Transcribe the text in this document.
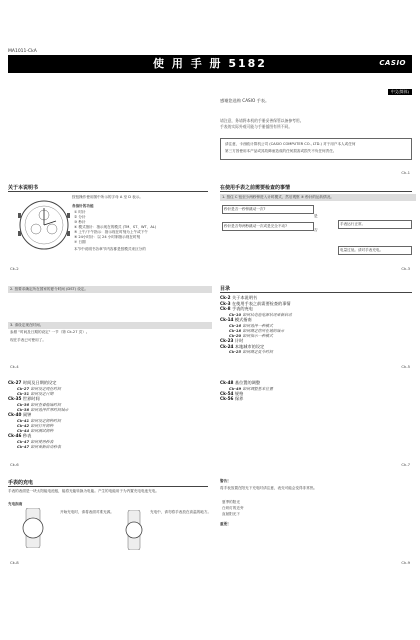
MA1011-CkA
使 用 手 册 5182	CASIO
中文(简体)
感谢您选购 CASIO 手表。
请注意，务请将本机的手册妥善保管以备参考用。
手表的实际外观可能与手册插图有所不同。
请注意，卡西欧计算机公司 (CASIO COMPUTER CO., LTD.) 对于用户本人或任何
第三方因使用本产品或其故障而造成的任何损害或损失不负任何责任。
Ck-1
关于本说明书
按钮操作使用图中所示的字母 A 至 D 表示。
各指针的功能
① 时针
② 分针
③ 秒针
④ 模式指针：指示现在的模式 (TM、ST、WT、AL)
⑤ 上午/下午指示：指示现在时刻为上午或下午
⑥ 24小时针：以 24 小时制指示现在时刻
⑦ 日期
本节中说明书各章节内容都是按模式来区分的
Ck-2
在使用手表之前需要检查的事情
1. 按住 C 钮至少两秒钟进入计时模式，然后观察 ③ 秒针的运转情况。
秒针是否一秒钟跳动一次?
是
否
秒针是否每两秒跳动一次或是完全不动?	手表运行正常。
电量过低。请对手表充电。
Ck-3
2. 按要求确定所在国家的夏令时间 (DST) 设定。
3. 请设定现在时间。
参照 "时间及日期的设定" 一节（第 Ck-27 页）。
现在手表已可使用了。
Ck-4
目录
Ck-2 关于本说明书
Ck-3 在使用手表之前需要检查的事情
Ck-8 手表的充电
Ck-10 如何从电池电源状况重新启动
Ck-14 模式指南
Ck-16 如何选择一种模式
Ck-18 如何确定您所在地的城市
Ck-20 如何指示一种模式
Ck-23 计时
Ck-24 本地城市的设定
Ck-25 如何确定夏令时间
Ck-5
Ck-27 时间及日期的设定
Ck-27 如何设定现在时间
Ck-31 如何设定日期
Ck-35 世界时间
Ck-36 如何查看他城时间
Ck-38 如何选择世界时间城市
Ck-40 闹钟
Ck-41 如何设定闹钟时间
Ck-42 如何打开闹钟
Ck-44 如何测试闹钟
Ck-46 秒表
Ck-47 如何使用秒表
Ck-47 如何重新启动秒表
Ck-6
Ck-48 基位置的调整
Ck-49 如何调整基本位置
Ck-54 规格
Ck-56 保养
Ck-7
手表的充电
手表的表面是一块太阳能电池板，能将光能转换为电能。产生的电能用于为内置充电电池充电。
充电指南
开始充电时，请将表面对准光源。	充电中，请勿将手表放在高温的地方。
Ck-8
警告！
将手表放置在阳光下充电时请注意，表壳可能会变得非常热。
夏季的阳光
白炽灯的近旁
直射阳光下
重要！
Ck-9
